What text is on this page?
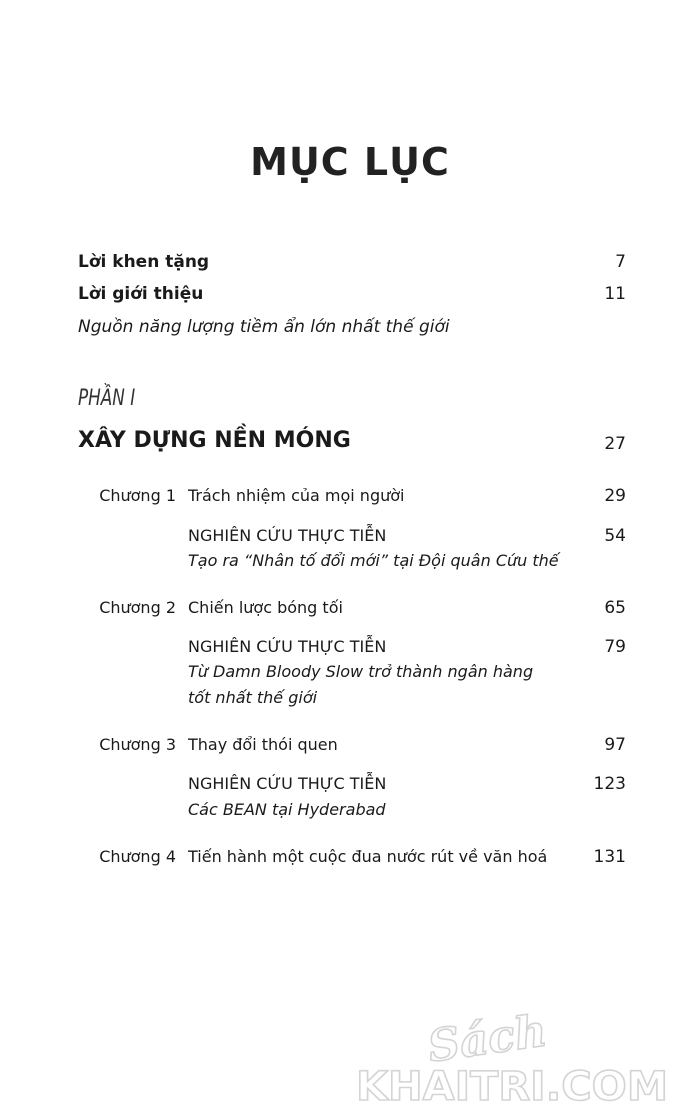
MỤC LỤC
Lời khen tặng	7
Lời giới thiệu	11
Nguồn năng lượng tiềm ẩn lớn nhất thế giới
PHẦN I
XÂY DỰNG NỀN MÓNG	27
Chương 1 Trách nhiệm của mọi người	29
NGHIÊN CỨU THỰC TIỄN	54
Tạo ra “Nhân tố đổi mới” tại Đội quân Cứu thế
Chương 2 Chiến lược bóng tối	65
NGHIÊN CỨU THỰC TIỄN	79
Từ Damn Bloody Slow trở thành ngân hàng
tốt nhất thế giới
Chương 3 Thay đổi thói quen	97
NGHIÊN CỨU THỰC TIỄN	123
Các BEAN tại Hyderabad
Chương 4 Tiến hành một cuộc đua nước rút về văn hoá	131
Sách
KHAITRI.COM
